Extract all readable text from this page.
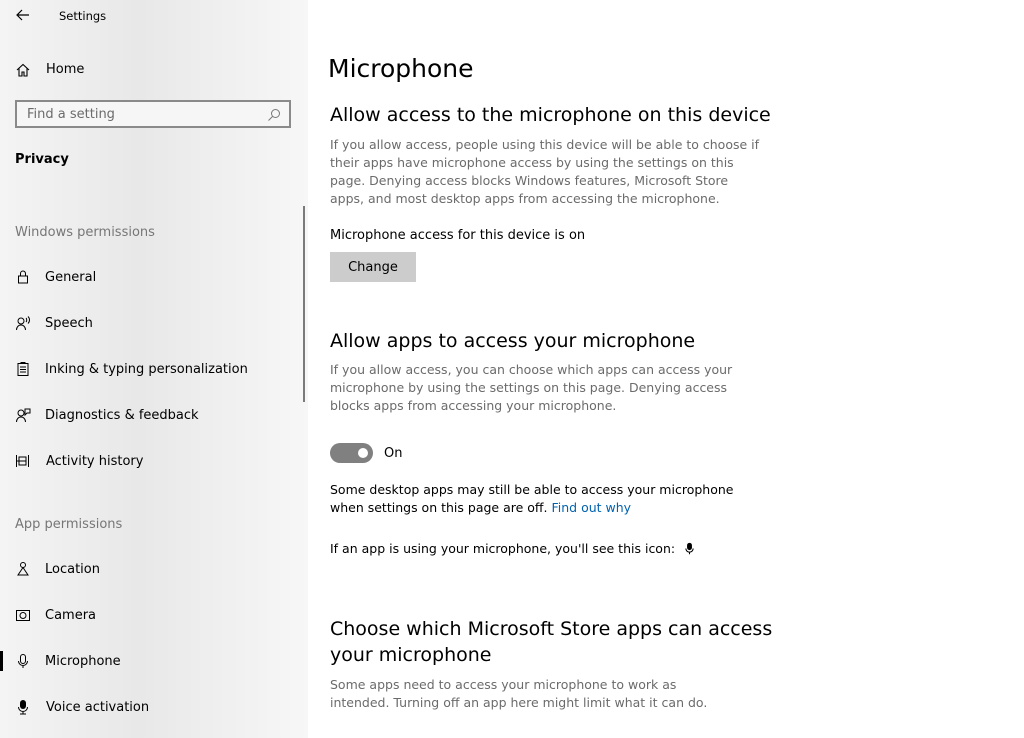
Settings
Home
Find a setting
Privacy
Windows permissions
General
Speech
Inking & typing personalization
Diagnostics & feedback
Activity history
App permissions
Location
Camera
Microphone
Voice activation
Microphone
Allow access to the microphone on this device
If you allow access, people using this device will be able to choose if their apps have microphone access by using the settings on this page. Denying access blocks Windows features, Microsoft Store apps, and most desktop apps from accessing the microphone.
Microphone access for this device is on
Change
Allow apps to access your microphone
If you allow access, you can choose which apps can access your microphone by using the settings on this page. Denying access blocks apps from accessing your microphone.
On
Some desktop apps may still be able to access your microphone when settings on this page are off. Find out why
If an app is using your microphone, you'll see this icon:
Choose which Microsoft Store apps can access
your microphone
Some apps need to access your microphone to work as intended. Turning off an app here might limit what it can do.
